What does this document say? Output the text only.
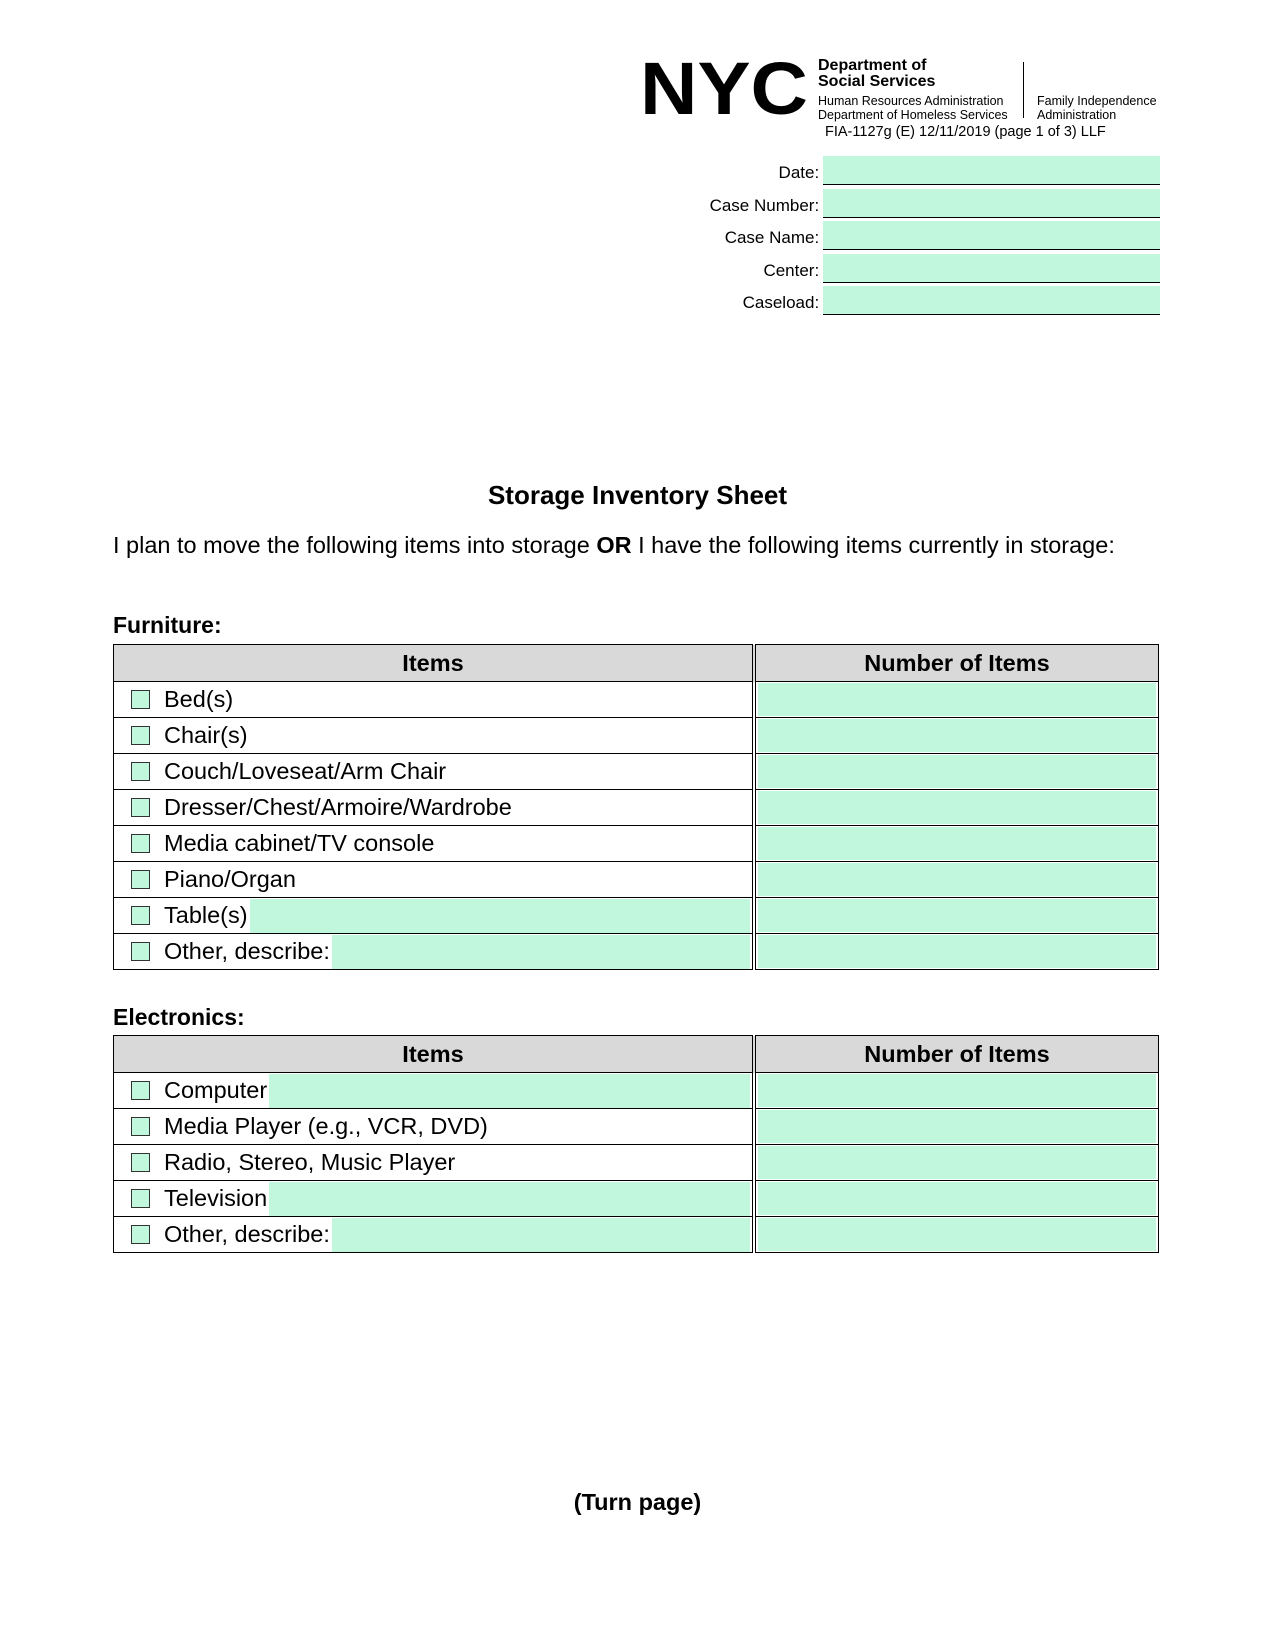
NYC Department of
Social Services
Human Resources Administration
Department of Homeless Services
Family Independence
Administration
FIA-1127g (E) 12/11/2019 (page 1 of 3) LLF
Date:
Case Number:
Case Name:
Center:
Caseload:
Storage Inventory Sheet
I plan to move the following items into storage OR I have the following items currently in storage:
Furniture:
Items	Number of Items

Bed(s)

Chair(s)

Couch/Loveseat/Arm Chair

Dresser/Chest/Armoire/Wardrobe

Media cabinet/TV console

Piano/Organ

Table(s)

Other, describe:

Electronics:
Items	Number of Items

Computer

Media Player (e.g., VCR, DVD)

Radio, Stereo, Music Player

Television

Other, describe:

(Turn page)
